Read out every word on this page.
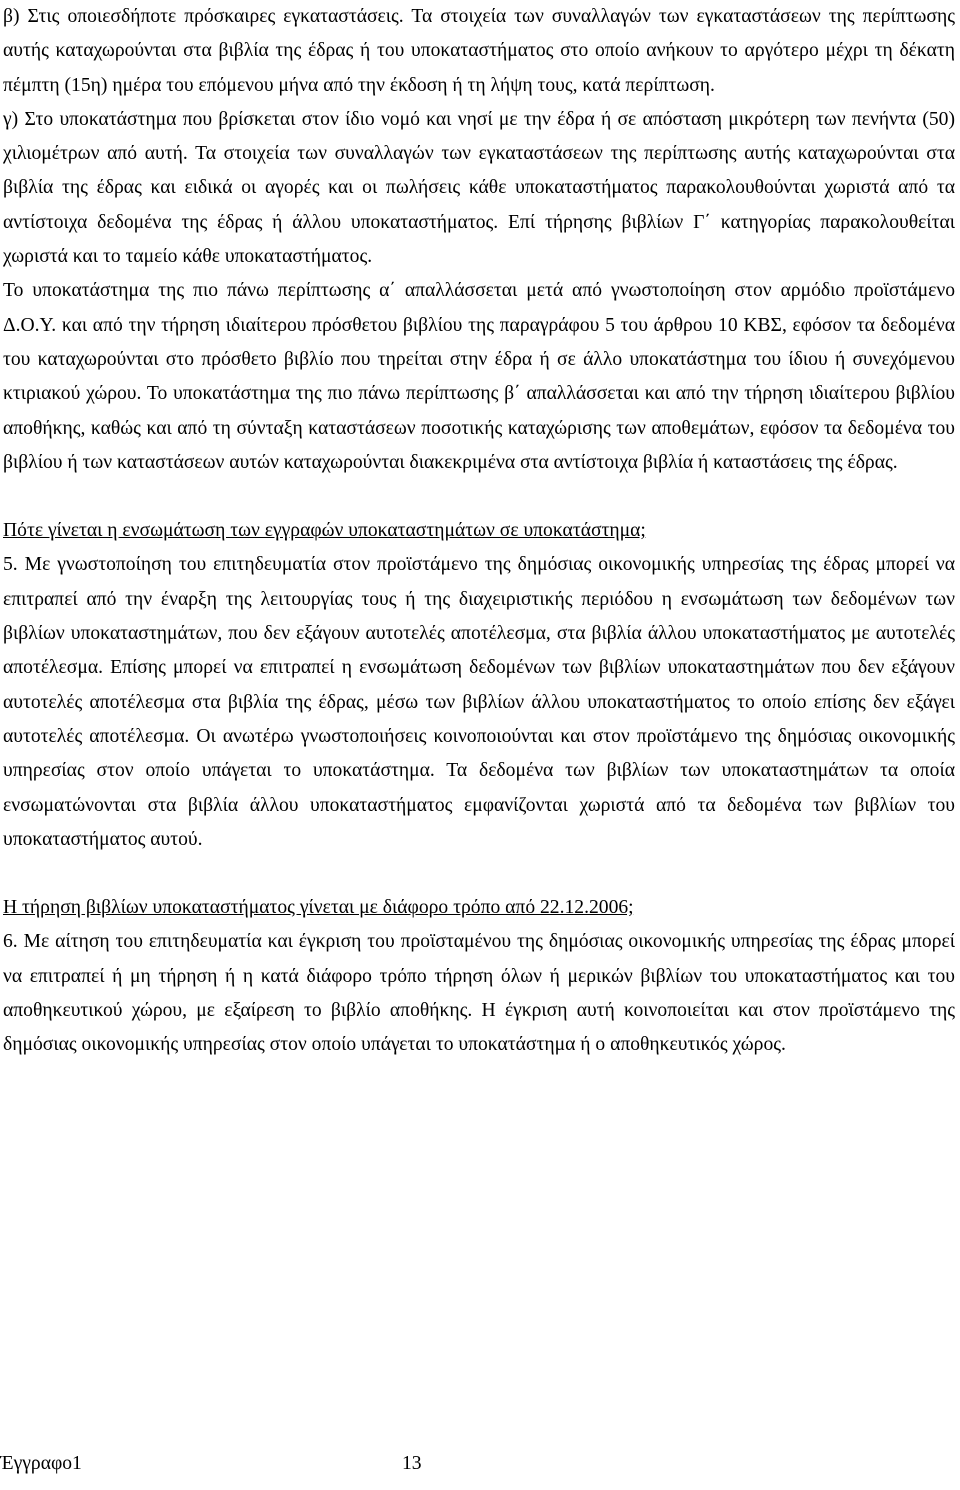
β) Στις οποιεσδήποτε πρόσκαιρες εγκαταστάσεις. Τα στοιχεία των συναλλαγών των εγκαταστάσεων της περίπτωσης αυτής καταχωρούνται στα βιβλία της έδρας ή του υποκαταστήματος στο οποίο ανήκουν το αργότερο μέχρι τη δέκατη πέμπτη (15η) ημέρα του επόμενου μήνα από την έκδοση ή τη λήψη τους, κατά περίπτωση.

γ) Στο υποκατάστημα που βρίσκεται στον ίδιο νομό και νησί με την έδρα ή σε απόσταση μικρότερη των πενήντα (50) χιλιομέτρων από αυτή. Τα στοιχεία των συναλλαγών των εγκαταστάσεων της περίπτωσης αυτής καταχωρούνται στα βιβλία της έδρας και ειδικά οι αγορές και οι πωλήσεις κάθε υποκαταστήματος παρακολουθούνται χωριστά από τα αντίστοιχα δεδομένα της έδρας ή άλλου υποκαταστήματος. Επί τήρησης βιβλίων Γ΄ κατηγορίας παρακολουθείται χωριστά και το ταμείο κάθε υποκαταστήματος.

Το υποκατάστημα της πιο πάνω περίπτωσης α΄ απαλλάσσεται μετά από γνωστοποίηση στον αρμόδιο προϊστάμενο Δ.Ο.Υ. και από την τήρηση ιδιαίτερου πρόσθετου βιβλίου της παραγράφου 5 του άρθρου 10 ΚΒΣ, εφόσον τα δεδομένα του καταχωρούνται στο πρόσθετο βιβλίο που τηρείται στην έδρα ή σε άλλο υποκατάστημα του ίδιου ή συνεχόμενου κτιριακού χώρου. Το υποκατάστημα της πιο πάνω περίπτωσης β΄ απαλλάσσεται και από την τήρηση ιδιαίτερου βιβλίου αποθήκης, καθώς και από τη σύνταξη καταστάσεων ποσοτικής καταχώρισης των αποθεμάτων, εφόσον τα δεδομένα του βιβλίου ή των καταστάσεων αυτών καταχωρούνται διακεκριμένα στα αντίστοιχα βιβλία ή καταστάσεις της έδρας.

Πότε γίνεται η ενσωμάτωση των εγγραφών υποκαταστημάτων σε υποκατάστημα;

5. Με γνωστοποίηση του επιτηδευματία στον προϊστάμενο της δημόσιας οικονομικής υπηρεσίας της έδρας μπορεί να επιτραπεί από την έναρξη της λειτουργίας τους ή της διαχειριστικής περιόδου η ενσωμάτωση των δεδομένων των βιβλίων υποκαταστημάτων, που δεν εξάγουν αυτοτελές αποτέλεσμα, στα βιβλία άλλου υποκαταστήματος με αυτοτελές αποτέλεσμα. Επίσης μπορεί να επιτραπεί η ενσωμάτωση δεδομένων των βιβλίων υποκαταστημάτων που δεν εξάγουν αυτοτελές αποτέλεσμα στα βιβλία της έδρας, μέσω των βιβλίων άλλου υποκαταστήματος το οποίο επίσης δεν εξάγει αυτοτελές αποτέλεσμα. Οι ανωτέρω γνωστοποιήσεις κοινοποιούνται και στον προϊστάμενο της δημόσιας οικονομικής υπηρεσίας στον οποίο υπάγεται το υποκατάστημα. Τα δεδομένα των βιβλίων των υποκαταστημάτων τα οποία ενσωματώνονται στα βιβλία άλλου υποκαταστήματος εμφανίζονται χωριστά από τα δεδομένα των βιβλίων του υποκαταστήματος αυτού.

Η τήρηση βιβλίων υποκαταστήματος γίνεται με διάφορο τρόπο από 22.12.2006;

6. Με αίτηση του επιτηδευματία και έγκριση του προϊσταμένου της δημόσιας οικονομικής υπηρεσίας της έδρας μπορεί να επιτραπεί ή μη τήρηση ή η κατά διάφορο τρόπο τήρηση όλων ή μερικών βιβλίων του υποκαταστήματος και του αποθηκευτικού χώρου, με εξαίρεση το βιβλίο αποθήκης. Η έγκριση αυτή κοινοποιείται και στον προϊστάμενο της δημόσιας οικονομικής υπηρεσίας στον οποίο υπάγεται το υποκατάστημα ή ο αποθηκευτικός χώρος.

Έγγραφο1	13
